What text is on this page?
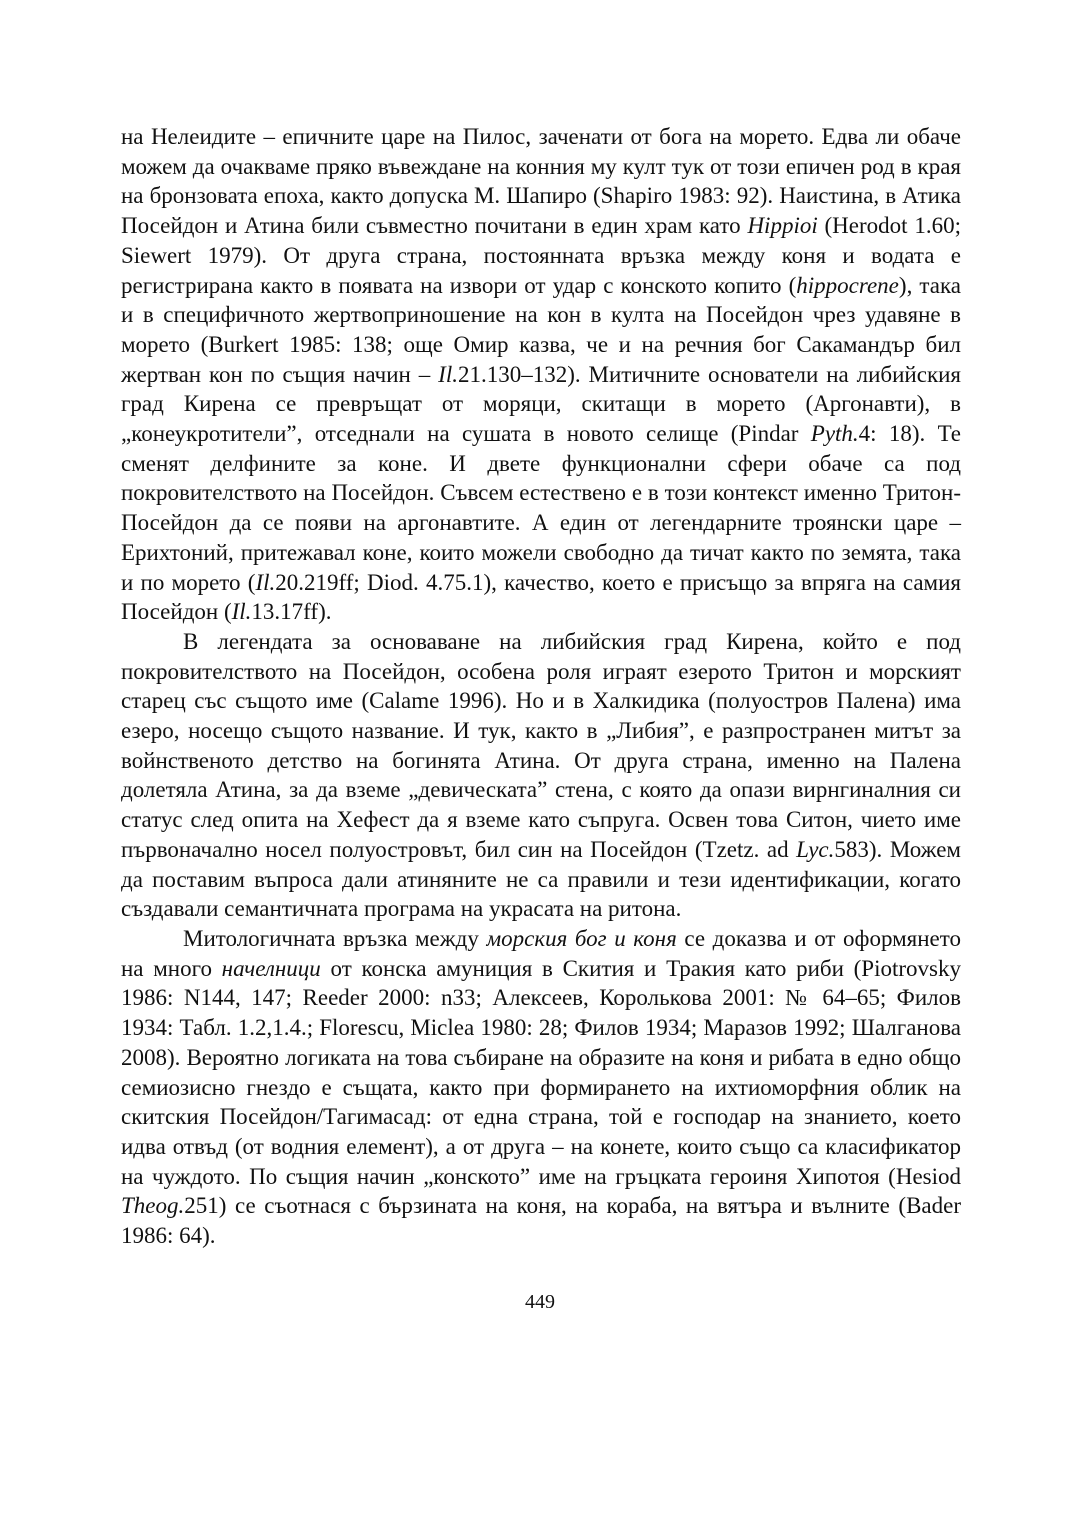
на Нелеидите – епичните царе на Пилос, заченати от бога на морето. Едва ли обаче можем да очакваме пряко въвеждане на конния му култ тук от този епичен род в края на бронзовата епоха, както допуска М. Шапиро (Shapiro 1983: 92). Наистина, в Атика Посейдон и Атина били съвместно почитани в един храм като Hippioi (Herodot 1.60; Siewert 1979). От друга страна, постоянната връзка между коня и водата е регистрирана както в появата на извори от удар с конското копито (hippocrene), така и в специфичното жертвоприношение на кон в култа на Посейдон чрез удавяне в морето (Burkert 1985: 138; още Омир казва, че и на речния бог Сакамандър бил жертван кон по същия начин – Il.21.130–132). Митичните основатели на либийския град Кирена се превръщат от моряци, скитащи в морето (Аргонавти), в „конеукротители”, отседнали на сушата в новото селище (Pindar Pyth.4: 18). Те сменят делфините за коне. И двете функционални сфери обаче са под покровителството на Посейдон. Съвсем естествено е в този контекст именно Тритон-Посейдон да се появи на аргонавтите. А един от легендарните троянски царе – Ерихтоний, притежавал коне, които можели свободно да тичат както по земята, така и по морето (Il.20.219ff; Diod. 4.75.1), качество, което е присъщо за впряга на самия Посейдон (Il.13.17ff).

В легендата за основаване на либийския град Кирена, който е под покровителството на Посейдон, особена роля играят езерото Тритон и морският старец със същото име (Calame 1996). Но и в Халкидика (полуостров Палена) има езеро, носещо същото название. И тук, както в „Либия”, е разпространен митът за войнственото детство на богинята Атина. От друга страна, именно на Палена долетяла Атина, за да вземе „девическата” стена, с която да опази вирнгиналния си статус след опита на Хефест да я вземе като съпруга. Освен това Ситон, чието име първоначално носел полуостровът, бил син на Посейдон (Tzetz. ad Lyc.583). Можем да поставим въпроса дали атиняните не са правили и тези идентификации, когато създавали семантичната програма на украсата на ритона.

Митологичната връзка между морския бог и коня се доказва и от оформянето на много начелници от конска амуниция в Скития и Тракия като риби (Piotrovsky 1986: N144, 147; Reeder 2000: n33; Алексеев, Королькова 2001: № 64–65; Филов 1934: Табл. 1.2,1.4.; Florescu, Miclea 1980: 28; Филов 1934; Маразов 1992; Шалганова 2008). Вероятно логиката на това събиране на образите на коня и рибата в едно общо семиозисно гнездо е същата, както при формирането на ихтиоморфния облик на скитския Посейдон/Тагимасад: от една страна, той е господар на знанието, което идва отвъд (от водния елемент), а от друга – на конете, които също са класификатор на чуждото. По същия начин „конското” име на гръцката героиня Хипотоя (Hesiod Theog.251) се съотнася с бързината на коня, на кораба, на вятъра и вълните (Bader 1986: 64).

449
